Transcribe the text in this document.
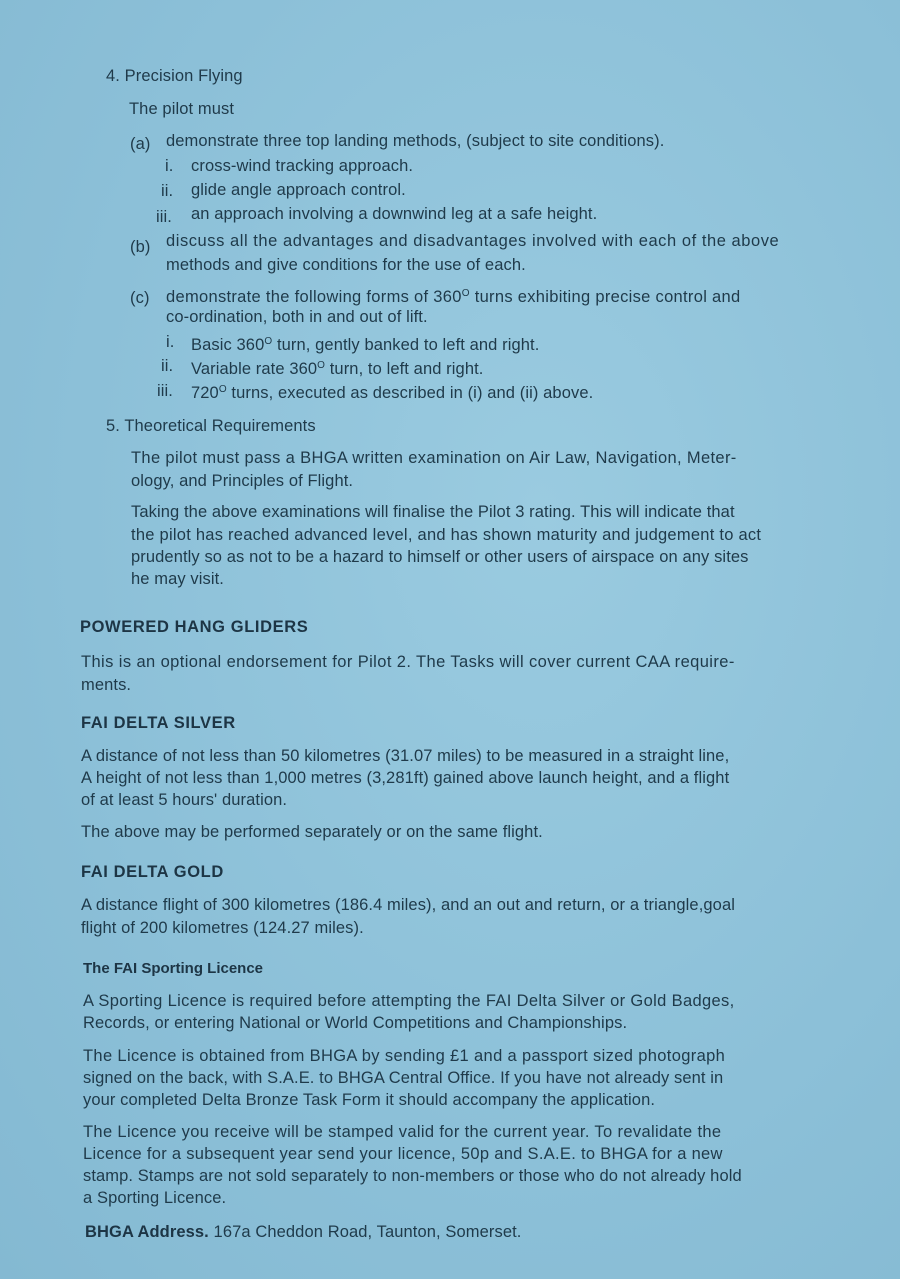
4. Precision Flying
The pilot must
(a) demonstrate three top landing methods, (subject to site conditions).
i. cross-wind tracking approach.
ii. glide angle approach control.
iii. an approach involving a downwind leg at a safe height.
(b) discuss all the advantages and disadvantages involved with each of the above
methods and give conditions for the use of each.
(c) demonstrate the following forms of $360^O$ turns exhibiting precise control and
co-ordination, both in and out of lift.
i. Basic $360^O$ turn, gently banked to left and right.
ii. Variable rate $360^O$ turn, to left and right.
iii. $720^O$ turns, executed as described in (i) and (ii) above.
5. Theoretical Requirements
The pilot must pass a BHGA written examination on Air Law, Navigation, Meter-
ology, and Principles of Flight.
Taking the above examinations will finalise the Pilot 3 rating. This will indicate that
the pilot has reached advanced level, and has shown maturity and judgement to act
prudently so as not to be a hazard to himself or other users of airspace on any sites
he may visit.
POWERED HANG GLIDERS
This is an optional endorsement for Pilot 2. The Tasks will cover current CAA require-
ments.
FAI DELTA SILVER
A distance of not less than 50 kilometres (31.07 miles) to be measured in a straight line,
A height of not less than 1,000 metres (3,281ft) gained above launch height, and a flight
of at least 5 hours' duration.
The above may be performed separately or on the same flight.
FAI DELTA GOLD
A distance flight of 300 kilometres (186.4 miles), and an out and return, or a triangle,goal
flight of 200 kilometres (124.27 miles).
The FAI Sporting Licence
A Sporting Licence is required before attempting the FAI Delta Silver or Gold Badges,
Records, or entering National or World Competitions and Championships.
The Licence is obtained from BHGA by sending £1 and a passport sized photograph
signed on the back, with S.A.E. to BHGA Central Office. If you have not already sent in
your completed Delta Bronze Task Form it should accompany the application.
The Licence you receive will be stamped valid for the current year. To revalidate the
Licence for a subsequent year send your licence, 50p and S.A.E. to BHGA for a new
stamp. Stamps are not sold separately to non-members or those who do not already hold
a Sporting Licence.
BHGA Address. 167a Cheddon Road, Taunton, Somerset.
